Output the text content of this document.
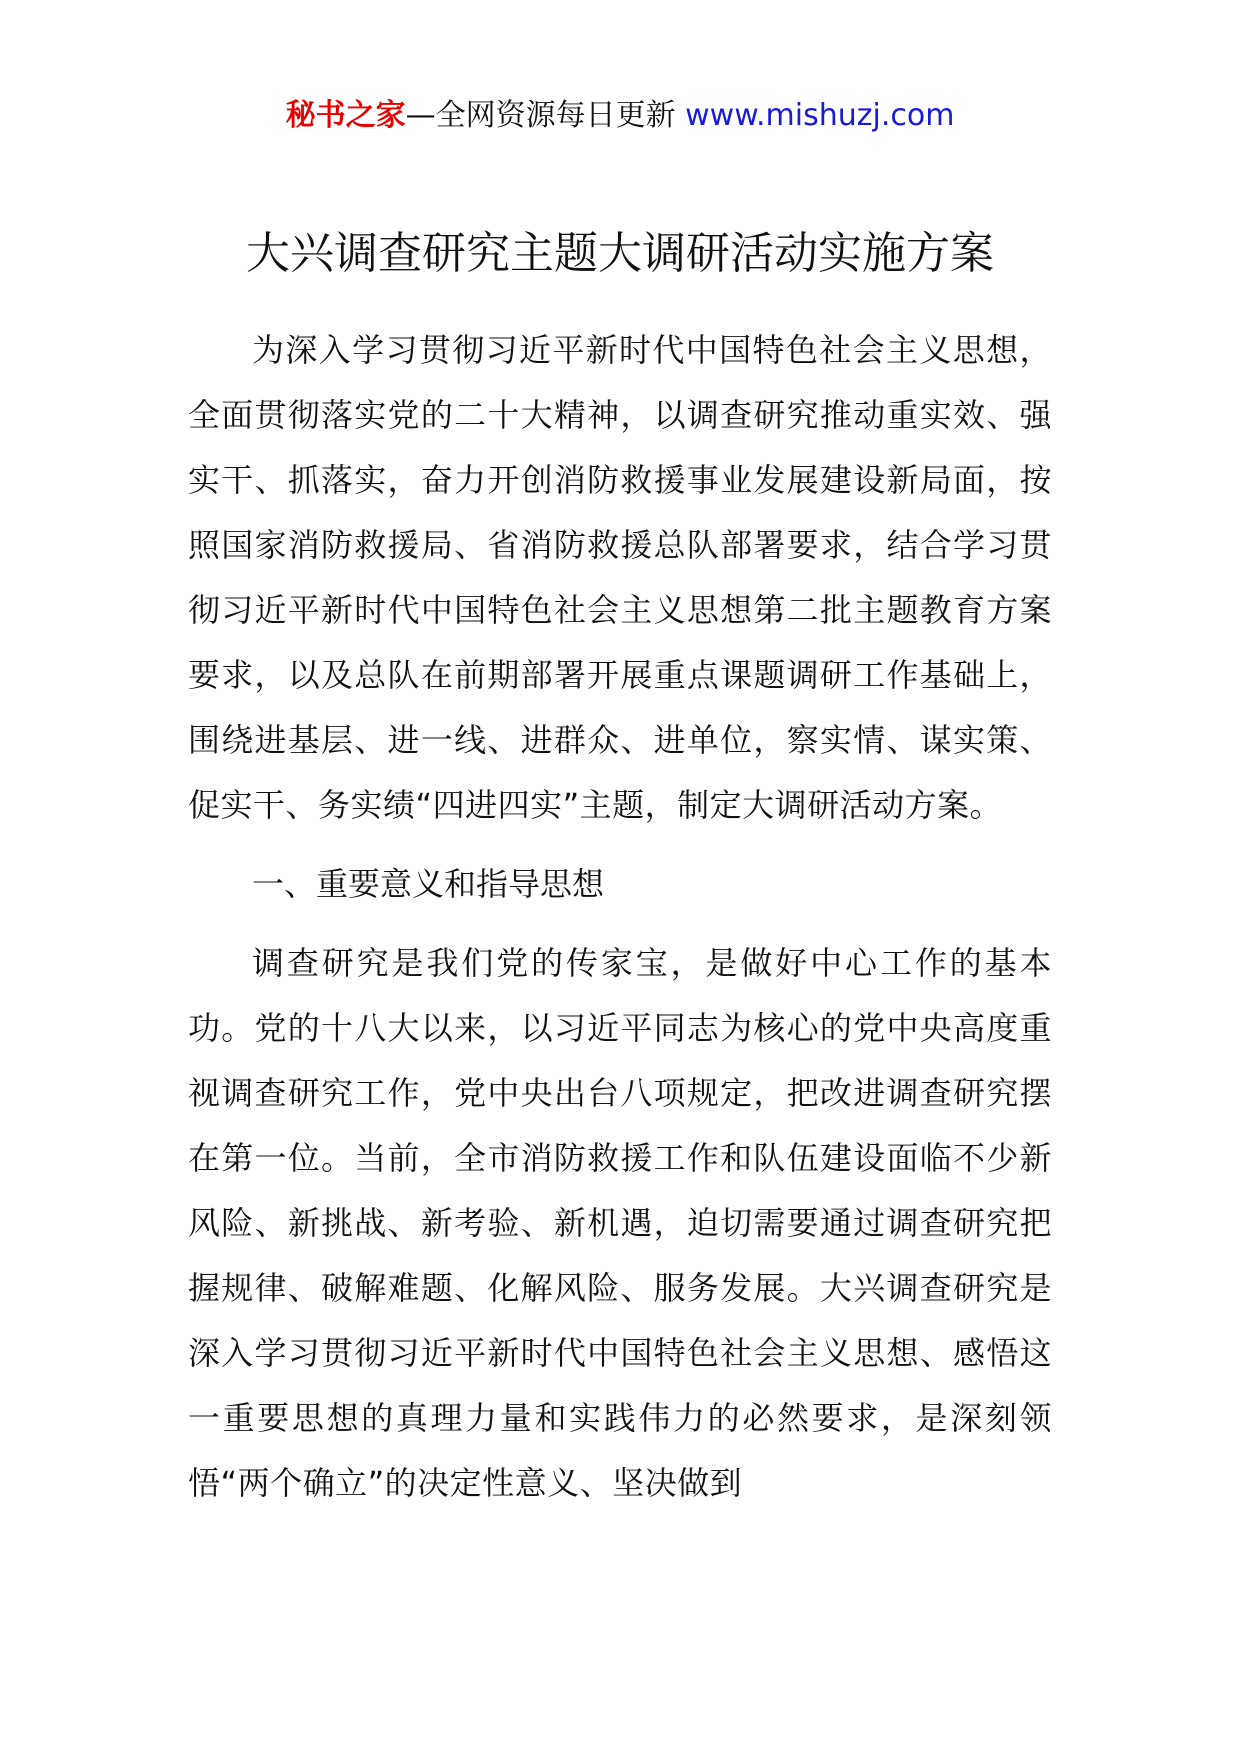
秘书之家—全网资源每日更新 www.mishuzj.com
大兴调查研究主题大调研活动实施方案

为深入学习贯彻习近平新时代中国特色社会主义思想，全面贯彻落实党的二十大精神，以调查研究推动重实效、强实干、抓落实，奋力开创消防救援事业发展建设新局面，按照国家消防救援局、省消防救援总队部署要求，结合学习贯彻习近平新时代中国特色社会主义思想第二批主题教育方案要求，以及总队在前期部署开展重点课题调研工作基础上，围绕进基层、进一线、进群众、进单位，察实情、谋实策、促实干、务实绩“四进四实”主题，制定大调研活动方案。

一、重要意义和指导思想

调查研究是我们党的传家宝，是做好中心工作的基本功。党的十八大以来，以习近平同志为核心的党中央高度重视调查研究工作，党中央出台八项规定，把改进调查研究摆在第一位。当前，全市消防救援工作和队伍建设面临不少新风险、新挑战、新考验、新机遇，迫切需要通过调查研究把握规律、破解难题、化解风险、服务发展。大兴调查研究是深入学习贯彻习近平新时代中国特色社会主义思想、感悟这一重要思想的真理力量和实践伟力的必然要求，是深刻领悟“两个确立”的决定性意义、坚决做到
